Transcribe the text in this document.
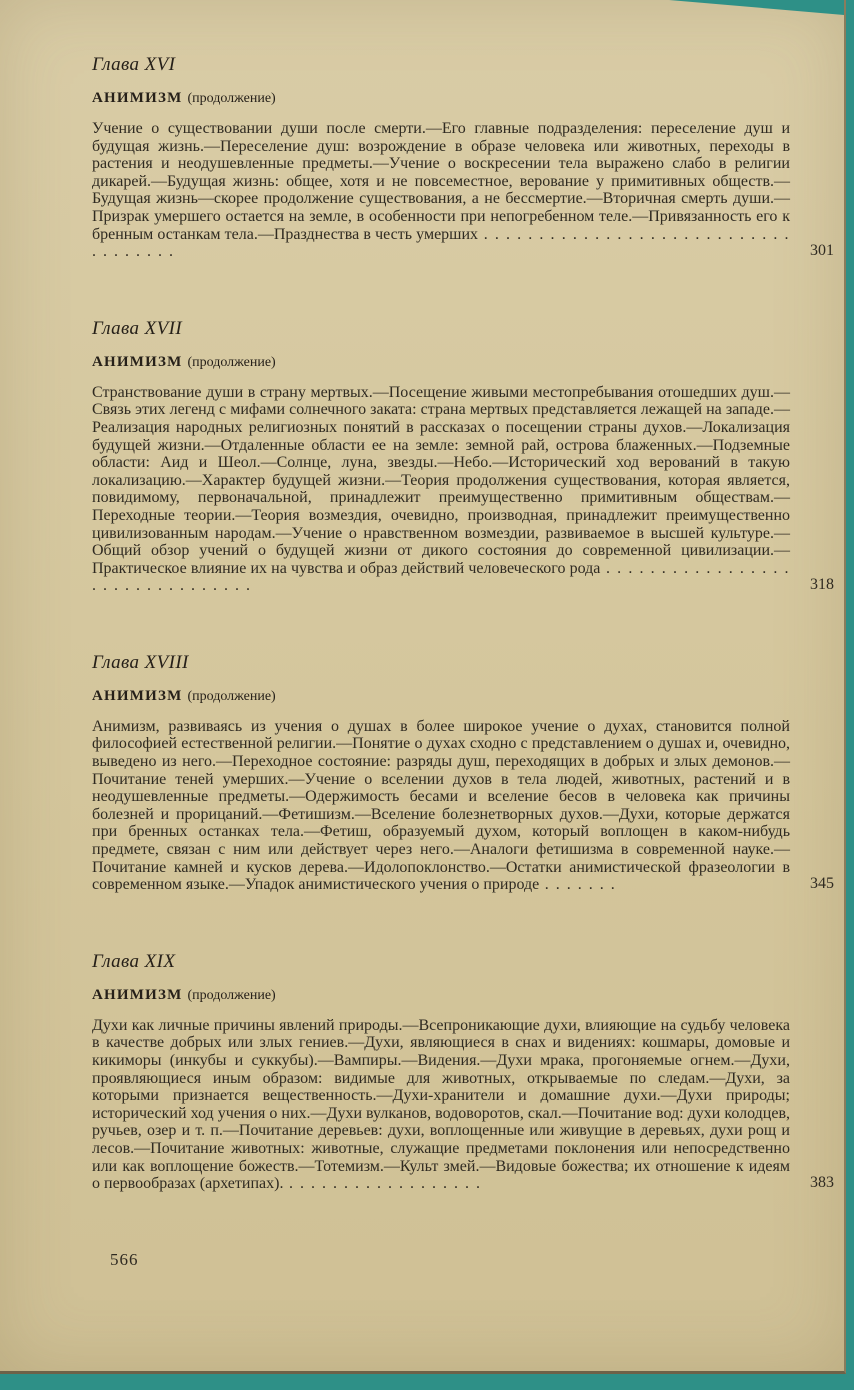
Глава XVI

АНИМИЗМ (продолжение)

Учение о существовании души после смерти.—Его главные подразделения: переселение душ и будущая жизнь.—Переселение душ: возрождение в образе человека или животных, переходы в растения и неодушевленные предметы.—Учение о воскресении тела выражено слабо в религии дикарей.—Будущая жизнь: общее, хотя и не повсеместное, верование у примитивных обществ.—Будущая жизнь—скорее продолжение существования, а не бессмертие.—Вторичная смерть души.—Призрак умершего остается на земле, в особенности при непогребенном теле.—Привязанность его к бренным останкам тела.—Празднества в честь умерших . . . . . . . . . . . . . . . . . . . . . . . . . . . . . . . . . . . .	301

Глава XVII

АНИМИЗМ (продолжение)

Странствование души в страну мертвых.—Посещение живыми местопребывания отошедших душ.—Связь этих легенд с мифами солнечного заката: страна мертвых представляется лежащей на западе.—Реализация народных религиозных понятий в рассказах о посещении страны духов.—Локализация будущей жизни.—Отдаленные области ее на земле: земной рай, острова блаженных.—Подземные области: Аид и Шеол.—Солнце, луна, звезды.—Небо.—Исторический ход верований в такую локализацию.—Характер будущей жизни.—Теория продолжения существования, которая является, повидимому, первоначальной, принадлежит преимущественно примитивным обществам.—Переходные теории.—Теория возмездия, очевидно, производная, принадлежит преимущественно цивилизованным народам.—Учение о нравственном возмездии, развиваемое в высшей культуре.—Общий обзор учений о будущей жизни от дикого состояния до современной цивилизации.—Практическое влияние их на чувства и образ действий человеческого рода . . . . . . . . . . . . . . . . . . . . . . . . . . . . . . . .	318

Глава XVIII

АНИМИЗМ (продолжение)

Анимизм, развиваясь из учения о душах в более широкое учение о духах, становится полной философией естественной религии.—Понятие о духах сходно с представлением о душах и, очевидно, выведено из него.—Переходное состояние: разряды душ, переходящих в добрых и злых демонов.—Почитание теней умерших.—Учение о вселении духов в тела людей, животных, растений и в неодушевленные предметы.—Одержимость бесами и вселение бесов в человека как причины болезней и прорицаний.—Фетишизм.—Вселение болезнетворных духов.—Духи, которые держатся при бренных останках тела.—Фетиш, образуемый духом, который воплощен в каком-нибудь предмете, связан с ним или действует через него.—Аналоги фетишизма в современной науке.—Почитание камней и кусков дерева.—Идолопоклонство.—Остатки анимистической фразеологии в современном языке.—Упадок анимистического учения о природе . . . . . . .	345

Глава XIX

АНИМИЗМ (продолжение)

Духи как личные причины явлений природы.—Всепроникающие духи, влияющие на судьбу человека в качестве добрых или злых гениев.—Духи, являющиеся в снах и видениях: кошмары, домовые и кикиморы (инкубы и суккубы).—Вампиры.—Видения.—Духи мрака, прогоняемые огнем.—Духи, проявляющиеся иным образом: видимые для животных, открываемые по следам.—Духи, за которыми признается вещественность.—Духи-хранители и домашние духи.—Духи природы; исторический ход учения о них.—Духи вулканов, водоворотов, скал.—Почитание вод: духи колодцев, ручьев, озер и т. п.—Почитание деревьев: духи, воплощенные или живущие в деревьях, духи рощ и лесов.—Почитание животных: животные, служащие предметами поклонения или непосредственно или как воплощение божеств.—Тотемизм.—Культ змей.—Видовые божества; их отношение к идеям о первообразах (архетипах). . . . . . . . . . . . . . . . . . .	383
566
